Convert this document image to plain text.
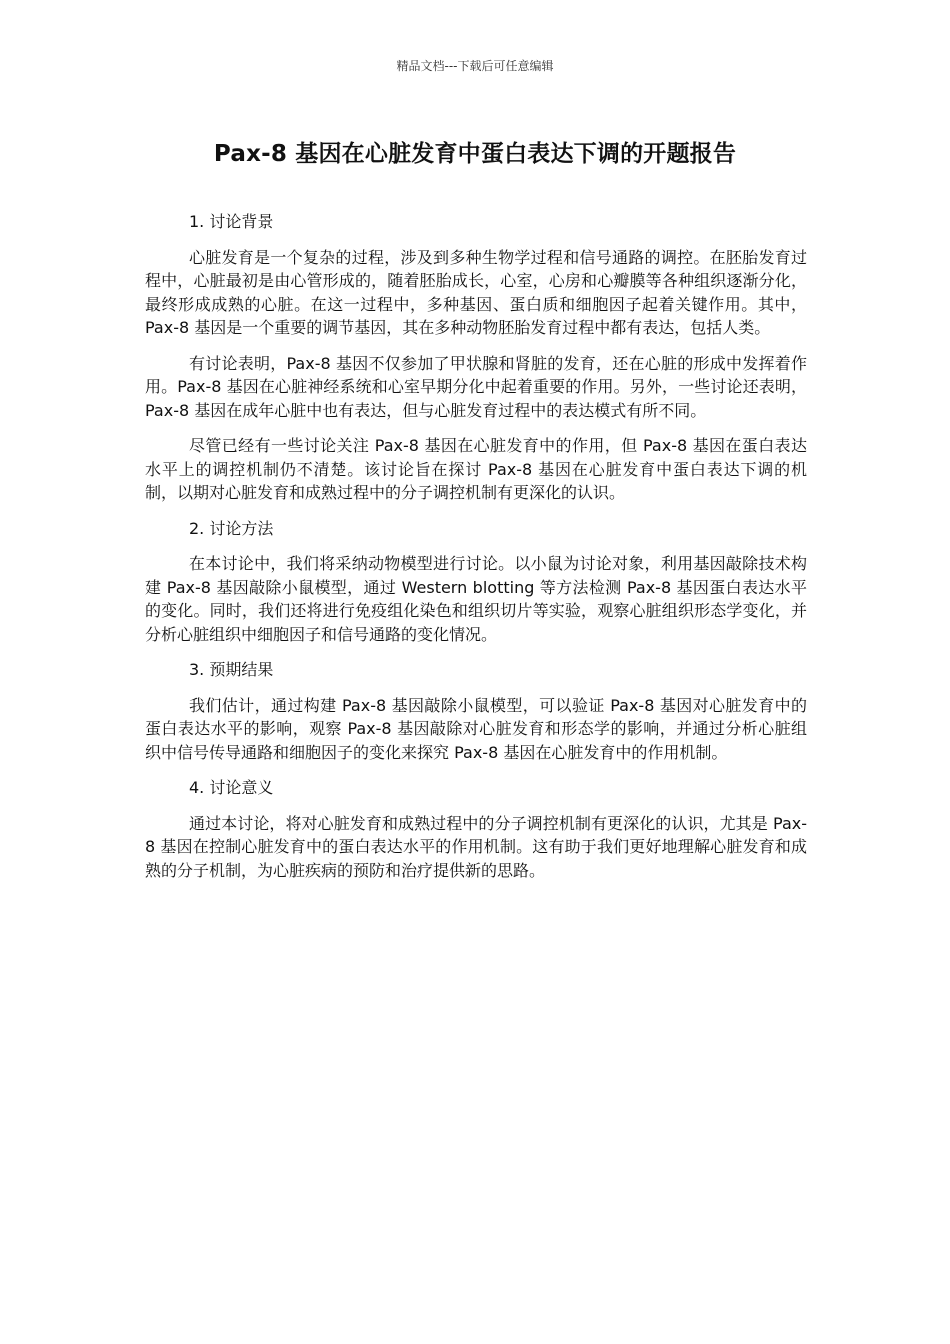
精品文档---下载后可任意编辑
Pax-8 基因在心脏发育中蛋白表达下调的开题报告

1. 讨论背景

心脏发育是一个复杂的过程，涉及到多种生物学过程和信号通路的调控。在胚胎发育过程中，心脏最初是由心管形成的，随着胚胎成长，心室，心房和心瓣膜等各种组织逐渐分化，最终形成成熟的心脏。在这一过程中，多种基因、蛋白质和细胞因子起着关键作用。其中，Pax-8 基因是一个重要的调节基因，其在多种动物胚胎发育过程中都有表达，包括人类。

有讨论表明，Pax-8 基因不仅参加了甲状腺和肾脏的发育，还在心脏的形成中发挥着作用。Pax-8 基因在心脏神经系统和心室早期分化中起着重要的作用。另外，一些讨论还表明，Pax-8 基因在成年心脏中也有表达，但与心脏发育过程中的表达模式有所不同。

尽管已经有一些讨论关注 Pax-8 基因在心脏发育中的作用，但 Pax-8 基因在蛋白表达水平上的调控机制仍不清楚。该讨论旨在探讨 Pax-8 基因在心脏发育中蛋白表达下调的机制，以期对心脏发育和成熟过程中的分子调控机制有更深化的认识。

2. 讨论方法

在本讨论中，我们将采纳动物模型进行讨论。以小鼠为讨论对象，利用基因敲除技术构建 Pax-8 基因敲除小鼠模型，通过 Western blotting 等方法检测 Pax-8 基因蛋白表达水平的变化。同时，我们还将进行免疫组化染色和组织切片等实验，观察心脏组织形态学变化，并分析心脏组织中细胞因子和信号通路的变化情况。

3. 预期结果

我们估计，通过构建 Pax-8 基因敲除小鼠模型，可以验证 Pax-8 基因对心脏发育中的蛋白表达水平的影响，观察 Pax-8 基因敲除对心脏发育和形态学的影响，并通过分析心脏组织中信号传导通路和细胞因子的变化来探究 Pax-8 基因在心脏发育中的作用机制。

4. 讨论意义

通过本讨论，将对心脏发育和成熟过程中的分子调控机制有更深化的认识，尤其是 Pax-8 基因在控制心脏发育中的蛋白表达水平的作用机制。这有助于我们更好地理解心脏发育和成熟的分子机制，为心脏疾病的预防和治疗提供新的思路。
